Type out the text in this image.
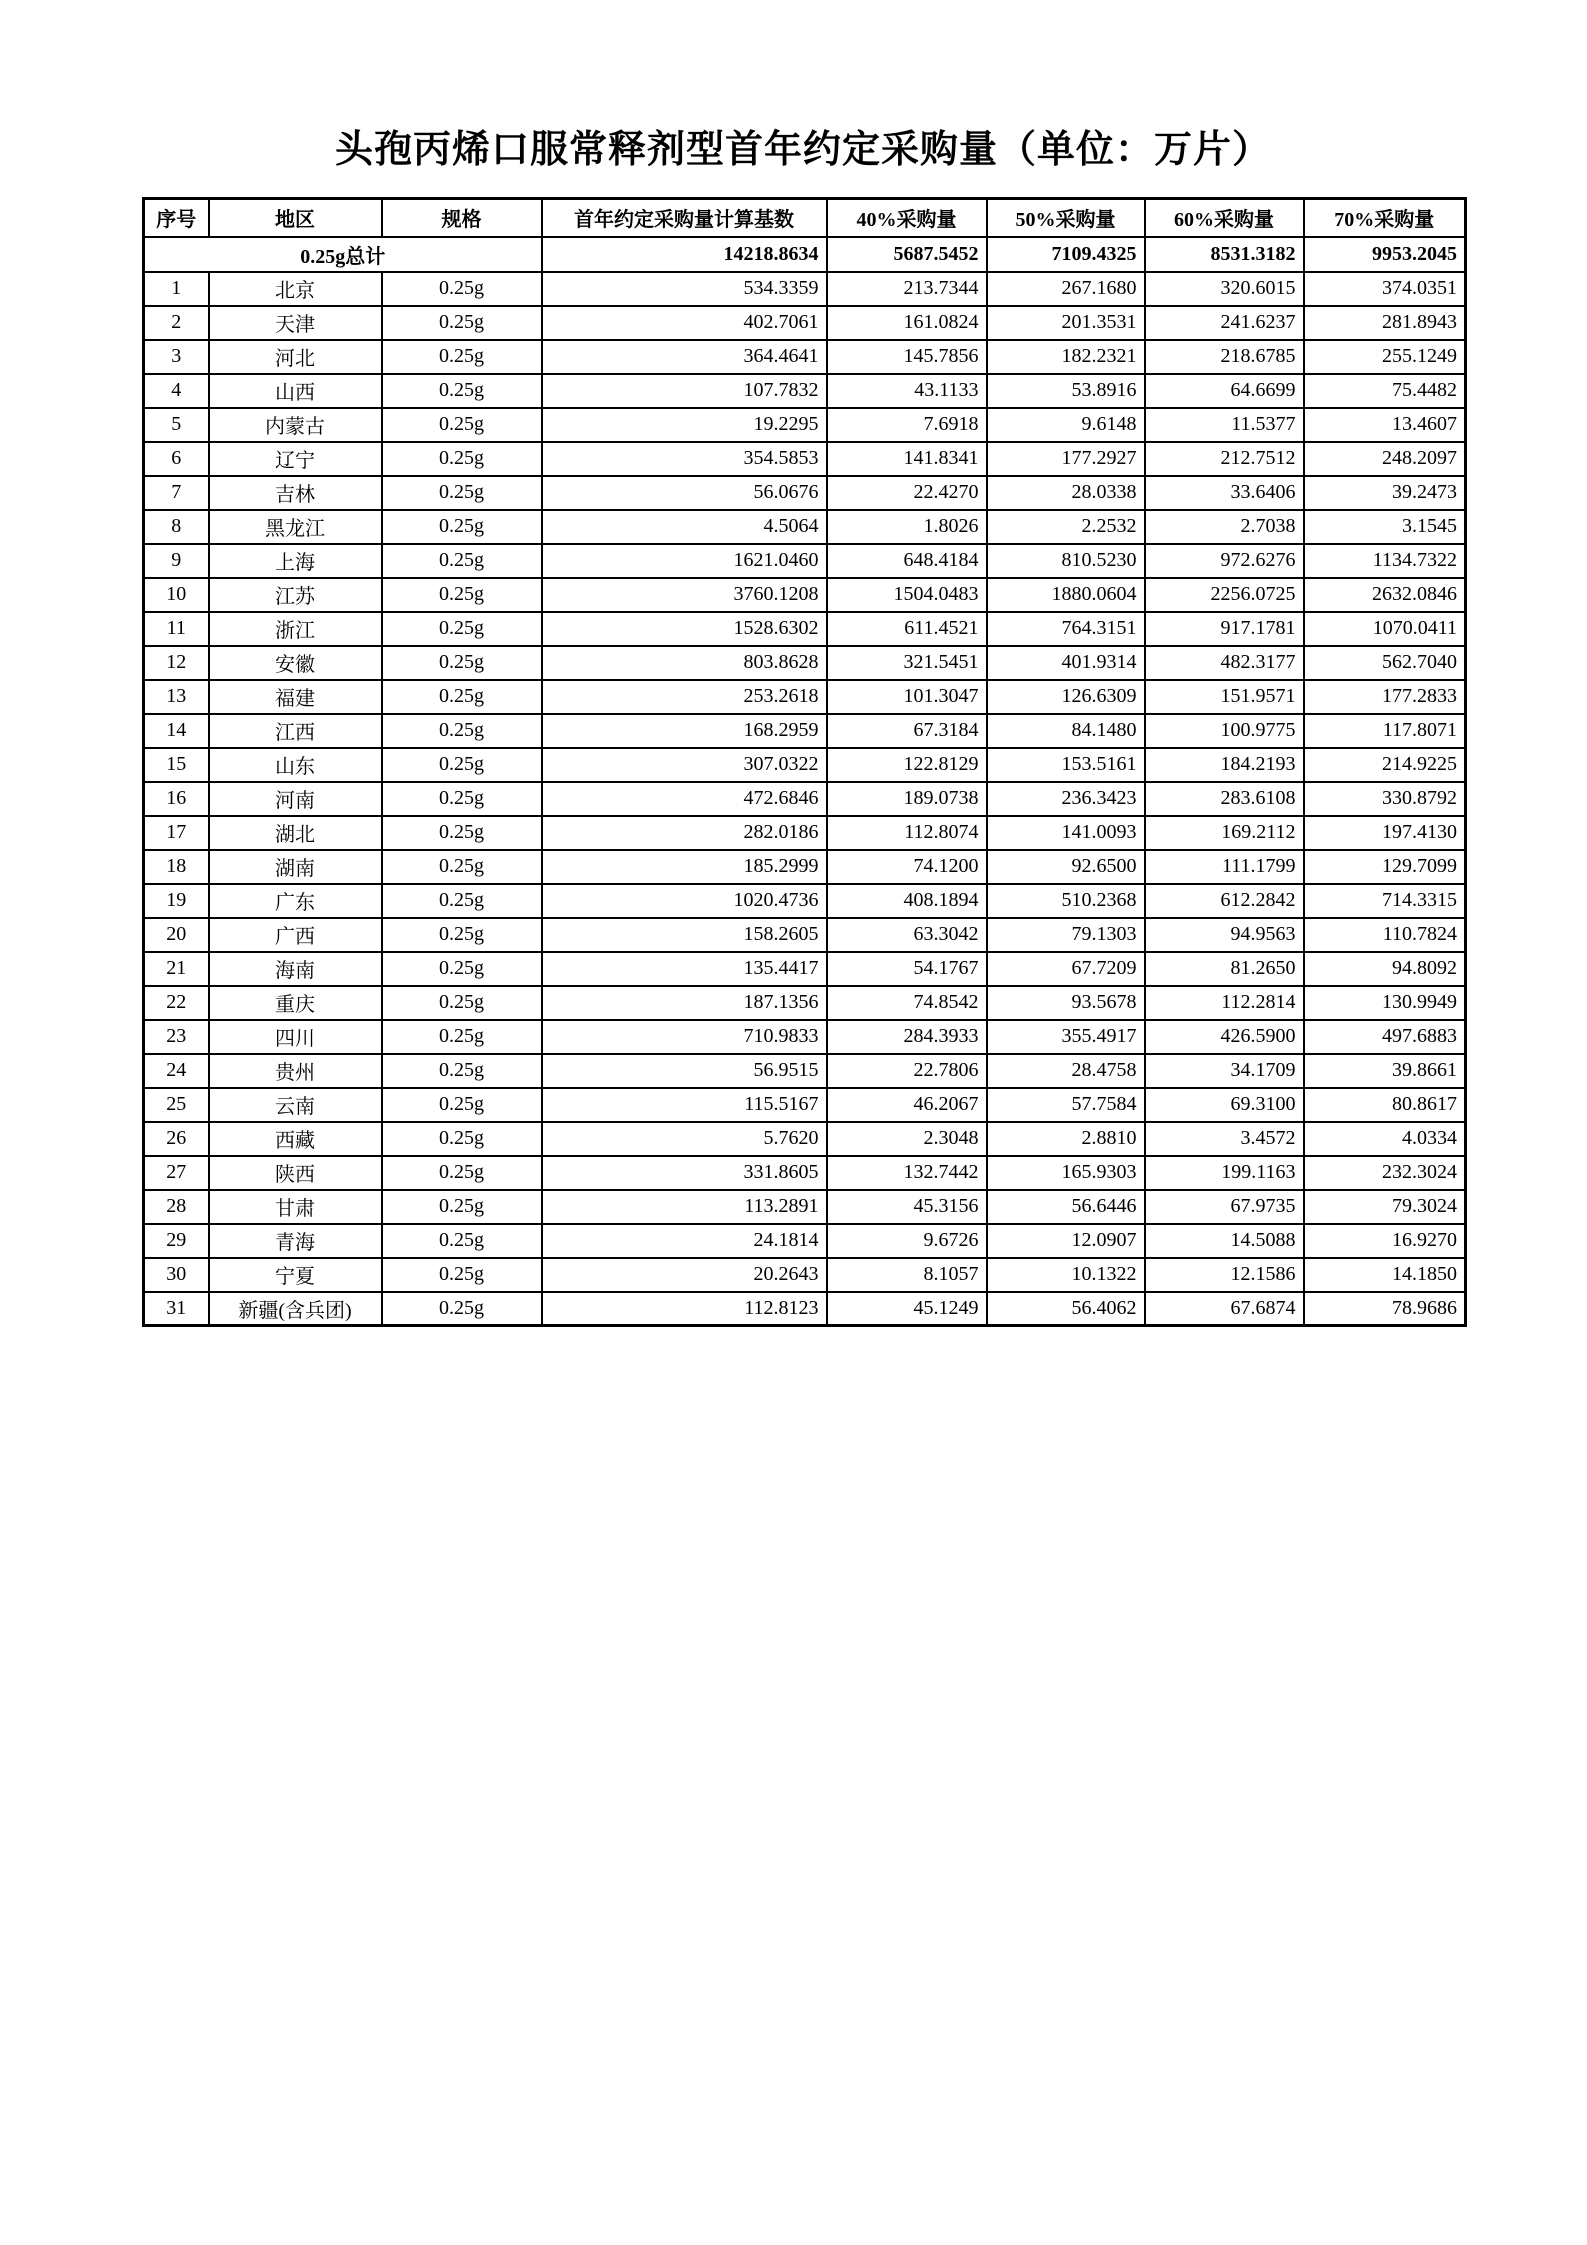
头孢丙烯口服常释剂型首年约定采购量（单位：万片）
序号	地区	规格	首年约定采购量计算基数	40%采购量	50%采购量	60%采购量	70%采购量
0.25g总计			14218.8634	5687.5452	7109.4325	8531.3182	9953.2045
1	北京	0.25g	534.3359	213.7344	267.1680	320.6015	374.0351
2	天津	0.25g	402.7061	161.0824	201.3531	241.6237	281.8943
3	河北	0.25g	364.4641	145.7856	182.2321	218.6785	255.1249
4	山西	0.25g	107.7832	43.1133	53.8916	64.6699	75.4482
5	内蒙古	0.25g	19.2295	7.6918	9.6148	11.5377	13.4607
6	辽宁	0.25g	354.5853	141.8341	177.2927	212.7512	248.2097
7	吉林	0.25g	56.0676	22.4270	28.0338	33.6406	39.2473
8	黑龙江	0.25g	4.5064	1.8026	2.2532	2.7038	3.1545
9	上海	0.25g	1621.0460	648.4184	810.5230	972.6276	1134.7322
10	江苏	0.25g	3760.1208	1504.0483	1880.0604	2256.0725	2632.0846
11	浙江	0.25g	1528.6302	611.4521	764.3151	917.1781	1070.0411
12	安徽	0.25g	803.8628	321.5451	401.9314	482.3177	562.7040
13	福建	0.25g	253.2618	101.3047	126.6309	151.9571	177.2833
14	江西	0.25g	168.2959	67.3184	84.1480	100.9775	117.8071
15	山东	0.25g	307.0322	122.8129	153.5161	184.2193	214.9225
16	河南	0.25g	472.6846	189.0738	236.3423	283.6108	330.8792
17	湖北	0.25g	282.0186	112.8074	141.0093	169.2112	197.4130
18	湖南	0.25g	185.2999	74.1200	92.6500	111.1799	129.7099
19	广东	0.25g	1020.4736	408.1894	510.2368	612.2842	714.3315
20	广西	0.25g	158.2605	63.3042	79.1303	94.9563	110.7824
21	海南	0.25g	135.4417	54.1767	67.7209	81.2650	94.8092
22	重庆	0.25g	187.1356	74.8542	93.5678	112.2814	130.9949
23	四川	0.25g	710.9833	284.3933	355.4917	426.5900	497.6883
24	贵州	0.25g	56.9515	22.7806	28.4758	34.1709	39.8661
25	云南	0.25g	115.5167	46.2067	57.7584	69.3100	80.8617
26	西藏	0.25g	5.7620	2.3048	2.8810	3.4572	4.0334
27	陕西	0.25g	331.8605	132.7442	165.9303	199.1163	232.3024
28	甘肃	0.25g	113.2891	45.3156	56.6446	67.9735	79.3024
29	青海	0.25g	24.1814	9.6726	12.0907	14.5088	16.9270
30	宁夏	0.25g	20.2643	8.1057	10.1322	12.1586	14.1850
31	新疆(含兵团)	0.25g	112.8123	45.1249	56.4062	67.6874	78.9686
